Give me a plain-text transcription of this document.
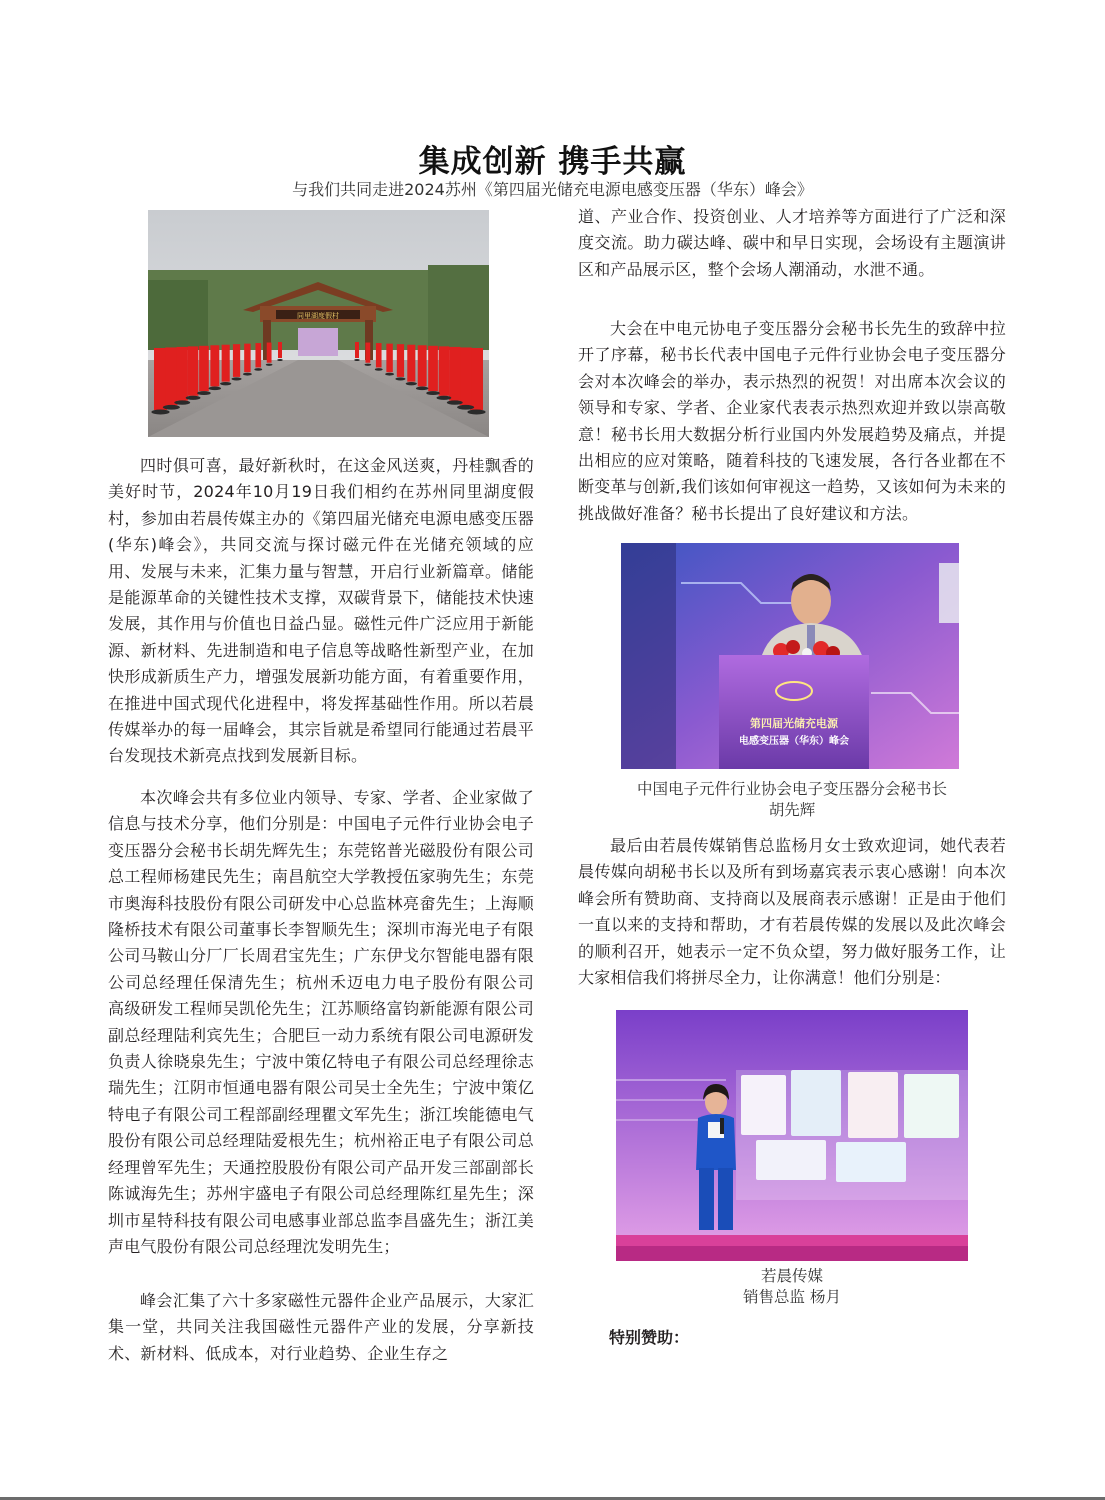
集成创新 携手共赢
与我们共同走进2024苏州《第四届光储充电源电感变压器（华东）峰会》
同里湖度假村

四时俱可喜，最好新秋时，在这金风送爽，丹桂飘香的美好时节，2024年10月19日我们相约在苏州同里湖度假村，参加由若晨传媒主办的《第四届光储充电源电感变压器(华东)峰会》，共同交流与探讨磁元件在光储充领域的应用、发展与未来，汇集力量与智慧，开启行业新篇章。储能是能源革命的关键性技术支撑，双碳背景下，储能技术快速发展，其作用与价值也日益凸显。磁性元件广泛应用于新能源、新材料、先进制造和电子信息等战略性新型产业，在加快形成新质生产力，增强发展新功能方面，有着重要作用，在推进中国式现代化进程中，将发挥基础性作用。所以若晨传媒举办的每一届峰会，其宗旨就是希望同行能通过若晨平台发现技术新亮点找到发展新目标。

本次峰会共有多位业内领导、专家、学者、企业家做了信息与技术分享，他们分别是：中国电子元件行业协会电子变压器分会秘书长胡先辉先生；东莞铭普光磁股份有限公司总工程师杨建民先生；南昌航空大学教授伍家驹先生；东莞市奥海科技股份有限公司研发中心总监林亮畲先生；上海顺隆桥技术有限公司董事长李智顺先生；深圳市海光电子有限公司马鞍山分厂厂长周君宝先生；广东伊戈尔智能电器有限公司总经理任保清先生；杭州禾迈电力电子股份有限公司 高级研发工程师吴凯伦先生；江苏顺络富钧新能源有限公司副总经理陆利宾先生；合肥巨一动力系统有限公司电源研发负责人徐晓泉先生；宁波中策亿特电子有限公司总经理徐志瑞先生；江阴市恒通电器有限公司吴士全先生；宁波中策亿特电子有限公司工程部副经理瞿文军先生；浙江埃能德电气股份有限公司总经理陆爱根先生；杭州裕正电子有限公司总经理曾军先生；天通控股股份有限公司产品开发三部副部长 陈诚海先生；苏州宇盛电子有限公司总经理陈红星先生；深圳市星特科技有限公司电感事业部总监李昌盛先生；浙江美声电气股份有限公司总经理沈发明先生；

峰会汇集了六十多家磁性元器件企业产品展示，大家汇集一堂，共同关注我国磁性元器件产业的发展，分享新技术、新材料、低成本，对行业趋势、企业生存之

道、产业合作、投资创业、人才培养等方面进行了广泛和深度交流。助力碳达峰、碳中和早日实现，会场设有主题演讲区和产品展示区，整个会场人潮涌动，水泄不通。

大会在中电元协电子变压器分会秘书长先生的致辞中拉开了序幕，秘书长代表中国电子元件行业协会电子变压器分会对本次峰会的举办，表示热烈的祝贺！对出席本次会议的领导和专家、学者、企业家代表表示热烈欢迎并致以崇高敬意！秘书长用大数据分析行业国内外发展趋势及痛点，并提出相应的应对策略，随着科技的飞速发展，各行各业都在不断变革与创新,我们该如何审视这一趋势，又该如何为未来的挑战做好准备？秘书长提出了良好建议和方法。

第四届光储充电源
电感变压器（华东）峰会
中国电子元件行业协会电子变压器分会秘书长
胡先辉

最后由若晨传媒销售总监杨月女士致欢迎词，她代表若晨传媒向胡秘书长以及所有到场嘉宾表示衷心感谢！向本次峰会所有赞助商、支持商以及展商表示感谢！正是由于他们一直以来的支持和帮助，才有若晨传媒的发展以及此次峰会的顺利召开，她表示一定不负众望，努力做好服务工作，让大家相信我们将拼尽全力，让你满意！他们分别是：

若晨传媒
销售总监 杨月
特别赞助：
